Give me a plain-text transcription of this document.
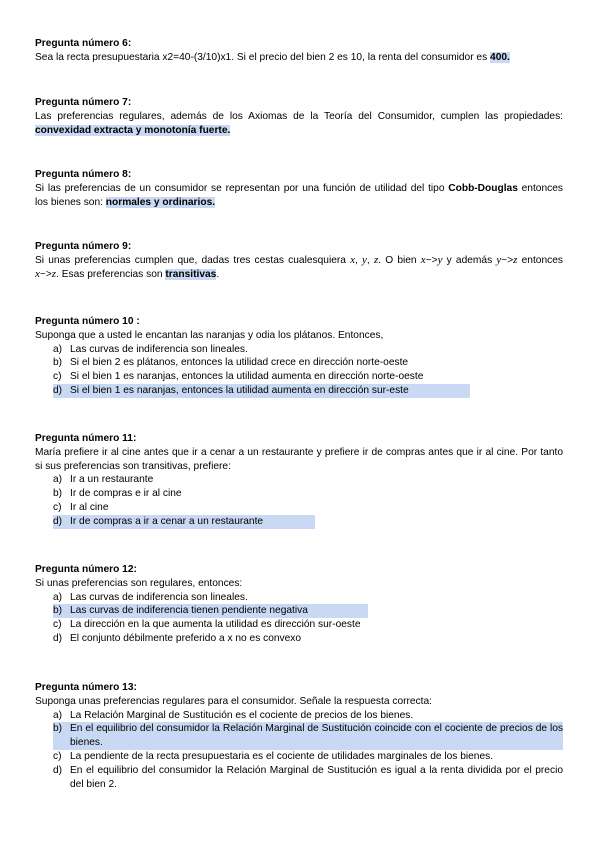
Pregunta número 6:
Sea la recta presupuestaria x2=40-(3/10)x1. Si el precio del bien 2 es 10, la renta del consumidor es 400.
Pregunta número 7:
Las preferencias regulares, además de los Axiomas de la Teoría del Consumidor, cumplen las propiedades: convexidad extracta y monotonía fuerte.
Pregunta número 8:
Si las preferencias de un consumidor se representan por una función de utilidad del tipo Cobb-Douglas entonces los bienes son: normales y ordinarios.
Pregunta número 9:
Si unas preferencias cumplen que, dadas tres cestas cualesquiera x, y, z. O bien x~>y y además y~>z entonces x~>z. Esas preferencias son transitivas.
Pregunta número 10 :
Suponga que a usted le encantan las naranjas y odia los plátanos. Entonces,
a) Las curvas de indiferencia son lineales.
b) Si el bien 2 es plátanos, entonces la utilidad crece en dirección norte-oeste
c) Si el bien 1 es naranjas, entonces la utilidad aumenta en dirección norte-oeste
d) Si el bien 1 es naranjas, entonces la utilidad aumenta en dirección sur-este
Pregunta número 11:
María prefiere ir al cine antes que ir a cenar a un restaurante y prefiere ir de compras antes que ir al cine. Por tanto si sus preferencias son transitivas, prefiere:
a) Ir a un restaurante
b) Ir de compras e ir al cine
c) Ir al cine
d) Ir de compras a ir a cenar a un restaurante
Pregunta número 12:
Si unas preferencias son regulares, entonces:
a) Las curvas de indiferencia son lineales.
b) Las curvas de indiferencia tienen pendiente negativa
c) La dirección en la que aumenta la utilidad es dirección sur-oeste
d) El conjunto débilmente preferido a x no es convexo
Pregunta número 13:
Suponga unas preferencias regulares para el consumidor. Señale la respuesta correcta:
a) La Relación Marginal de Sustitución es el cociente de precios de los bienes.
b) En el equilibrio del consumidor la Relación Marginal de Sustitución coincide con el cociente de precios de los bienes.
c) La pendiente de la recta presupuestaria es el cociente de utilidades marginales de los bienes.
d) En el equilibrio del consumidor la Relación Marginal de Sustitución es igual a la renta dividida por el precio del bien 2.
